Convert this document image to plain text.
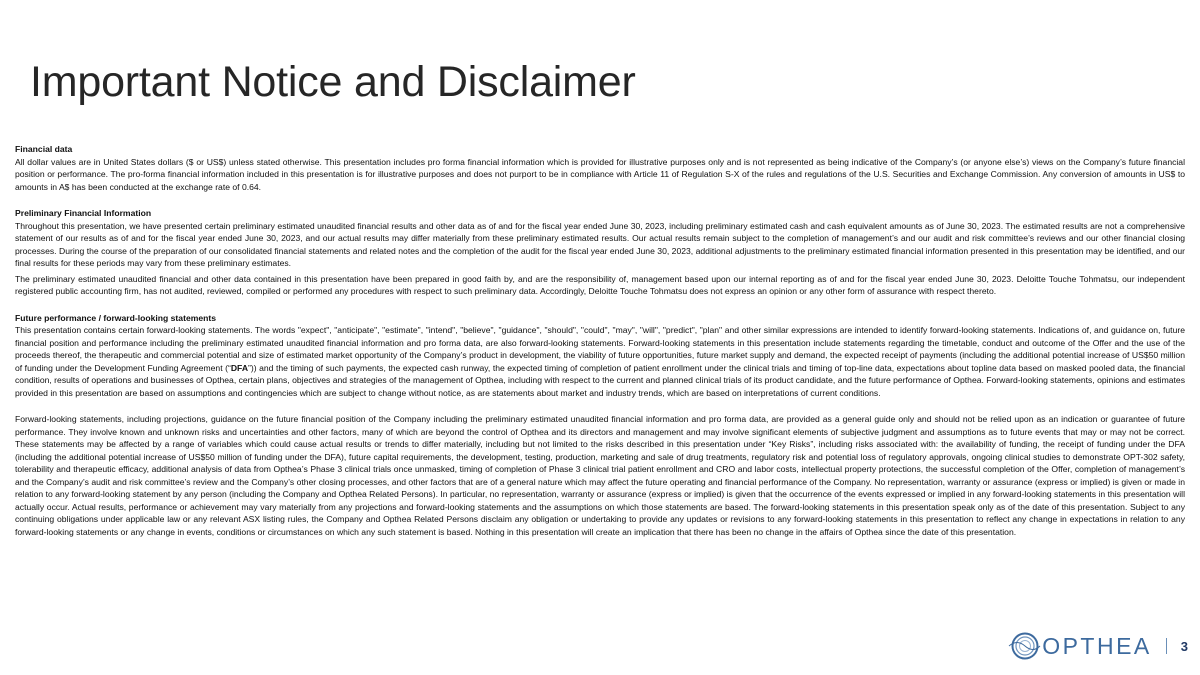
Important Notice and Disclaimer

Financial data

All dollar values are in United States dollars ($ or US$) unless stated otherwise. This presentation includes pro forma financial information which is provided for illustrative purposes only and is not represented as being indicative of the Company’s (or anyone else’s) views on the Company’s future financial position or performance. The pro-forma financial information included in this presentation is for illustrative purposes and does not purport to be in compliance with Article 11 of Regulation S-X of the rules and regulations of the U.S. Securities and Exchange Commission. Any conversion of amounts in US$ to amounts in A$ has been conducted at the exchange rate of 0.64.

Preliminary Financial Information

Throughout this presentation, we have presented certain preliminary estimated unaudited financial results and other data as of and for the fiscal year ended June 30, 2023, including preliminary estimated cash and cash equivalent amounts as of June 30, 2023. The estimated results are not a comprehensive statement of our results as of and for the fiscal year ended June 30, 2023, and our actual results may differ materially from these preliminary estimated results. Our actual results remain subject to the completion of management’s and our audit and risk committee’s reviews and our other financial closing processes. During the course of the preparation of our consolidated financial statements and related notes and the completion of the audit for the fiscal year ended June 30, 2023, additional adjustments to the preliminary estimated financial information presented in this presentation may be identified, and our final results for these periods may vary from these preliminary estimates.

The preliminary estimated unaudited financial and other data contained in this presentation have been prepared in good faith by, and are the responsibility of, management based upon our internal reporting as of and for the fiscal year ended June 30, 2023. Deloitte Touche Tohmatsu, our independent registered public accounting firm, has not audited, reviewed, compiled or performed any procedures with respect to such preliminary data. Accordingly, Deloitte Touche Tohmatsu does not express an opinion or any other form of assurance with respect thereto.

Future performance / forward-looking statements

This presentation contains certain forward-looking statements. The words "expect", "anticipate", "estimate", "intend", "believe", "guidance", "should", "could", "may", "will", "predict", "plan" and other similar expressions are intended to identify forward-looking statements. Indications of, and guidance on, future financial position and performance including the preliminary estimated unaudited financial information and pro forma data, are also forward-looking statements. Forward-looking statements in this presentation include statements regarding the timetable, conduct and outcome of the Offer and the use of the proceeds thereof, the therapeutic and commercial potential and size of estimated market opportunity of the Company’s product in development, the viability of future opportunities, future market supply and demand, the expected receipt of payments (including the additional potential increase of US$50 million of funding under the Development Funding Agreement (“DFA”)) and the timing of such payments, the expected cash runway, the expected timing of completion of patient enrollment under the clinical trials and timing of top-line data, expectations about topline data based on masked pooled data, the financial condition, results of operations and businesses of Opthea, certain plans, objectives and strategies of the management of Opthea, including with respect to the current and planned clinical trials of its product candidate, and the future performance of Opthea. Forward-looking statements, opinions and estimates provided in this presentation are based on assumptions and contingencies which are subject to change without notice, as are statements about market and industry trends, which are based on interpretations of current conditions.

Forward-looking statements, including projections, guidance on the future financial position of the Company including the preliminary estimated unaudited financial information and pro forma data, are provided as a general guide only and should not be relied upon as an indication or guarantee of future performance. They involve known and unknown risks and uncertainties and other factors, many of which are beyond the control of Opthea and its directors and management and may involve significant elements of subjective judgment and assumptions as to future events that may or may not be correct. These statements may be affected by a range of variables which could cause actual results or trends to differ materially, including but not limited to the risks described in this presentation under “Key Risks”, including risks associated with: the availability of funding, the receipt of funding under the DFA (including the additional potential increase of US$50 million of funding under the DFA), future capital requirements, the development, testing, production, marketing and sale of drug treatments, regulatory risk and potential loss of regulatory approvals, ongoing clinical studies to demonstrate OPT-302 safety, tolerability and therapeutic efficacy, additional analysis of data from Opthea’s Phase 3 clinical trials once unmasked, timing of completion of Phase 3 clinical trial patient enrollment and CRO and labor costs, intellectual property protections, the successful completion of the Offer, completion of management’s and the Company’s audit and risk committee’s review and the Company’s other closing processes, and other factors that are of a general nature which may affect the future operating and financial performance of the Company. No representation, warranty or assurance (express or implied) is given or made in relation to any forward-looking statement by any person (including the Company and Opthea Related Persons). In particular, no representation, warranty or assurance (express or implied) is given that the occurrence of the events expressed or implied in any forward-looking statements in this presentation will actually occur. Actual results, performance or achievement may vary materially from any projections and forward-looking statements and the assumptions on which those statements are based. The forward-looking statements in this presentation speak only as of the date of this presentation. Subject to any continuing obligations under applicable law or any relevant ASX listing rules, the Company and Opthea Related Persons disclaim any obligation or undertaking to provide any updates or revisions to any forward-looking statements in this presentation to reflect any change in expectations in relation to any forward-looking statements or any change in events, conditions or circumstances on which any such statement is based. Nothing in this presentation will create an implication that there has been no change in the affairs of Opthea since the date of this presentation.

OPTHEA 3
